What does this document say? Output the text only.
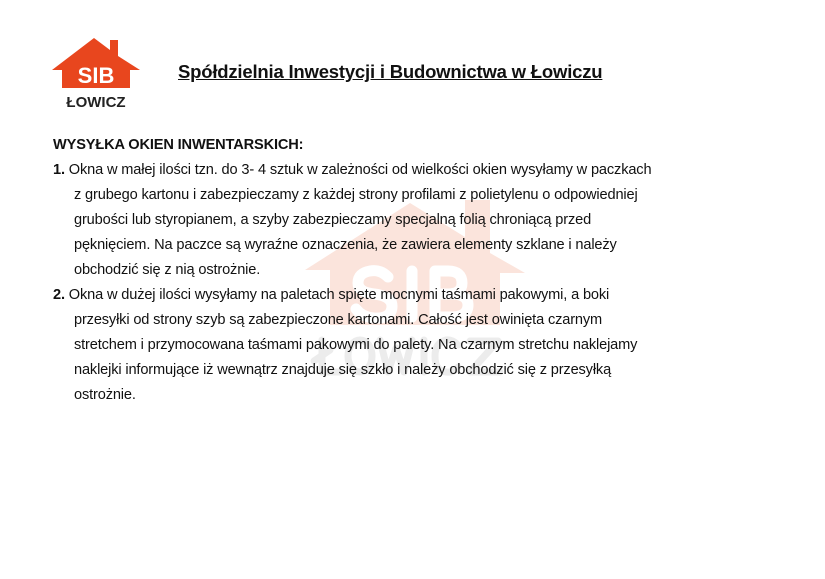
SIB
ŁOWICZ
Spółdzielnia Inwestycji i Budownictwa w Łowiczu
WYSYŁKA OKIEN INWENTARSKICH:
1. Okna w małej ilości tzn. do 3- 4 sztuk w zależności od wielkości okien wysyłamy w paczkach
z grubego kartonu i zabezpieczamy z każdej strony profilami z polietylenu o odpowiedniej
grubości lub styropianem, a szyby zabezpieczamy specjalną folią chroniącą przed
pęknięciem. Na paczce są wyraźne oznaczenia, że zawiera elementy szklane i należy
obchodzić się z nią ostrożnie.
2. Okna w dużej ilości wysyłamy na paletach spięte mocnymi taśmami pakowymi, a boki
przesyłki od strony szyb są zabezpieczone kartonami. Całość jest owinięta czarnym
stretchem i przymocowana taśmami pakowymi do palety. Na czarnym stretchu naklejamy
naklejki informujące iż wewnątrz znajduje się szkło i należy obchodzić się z przesyłką
ostrożnie.
